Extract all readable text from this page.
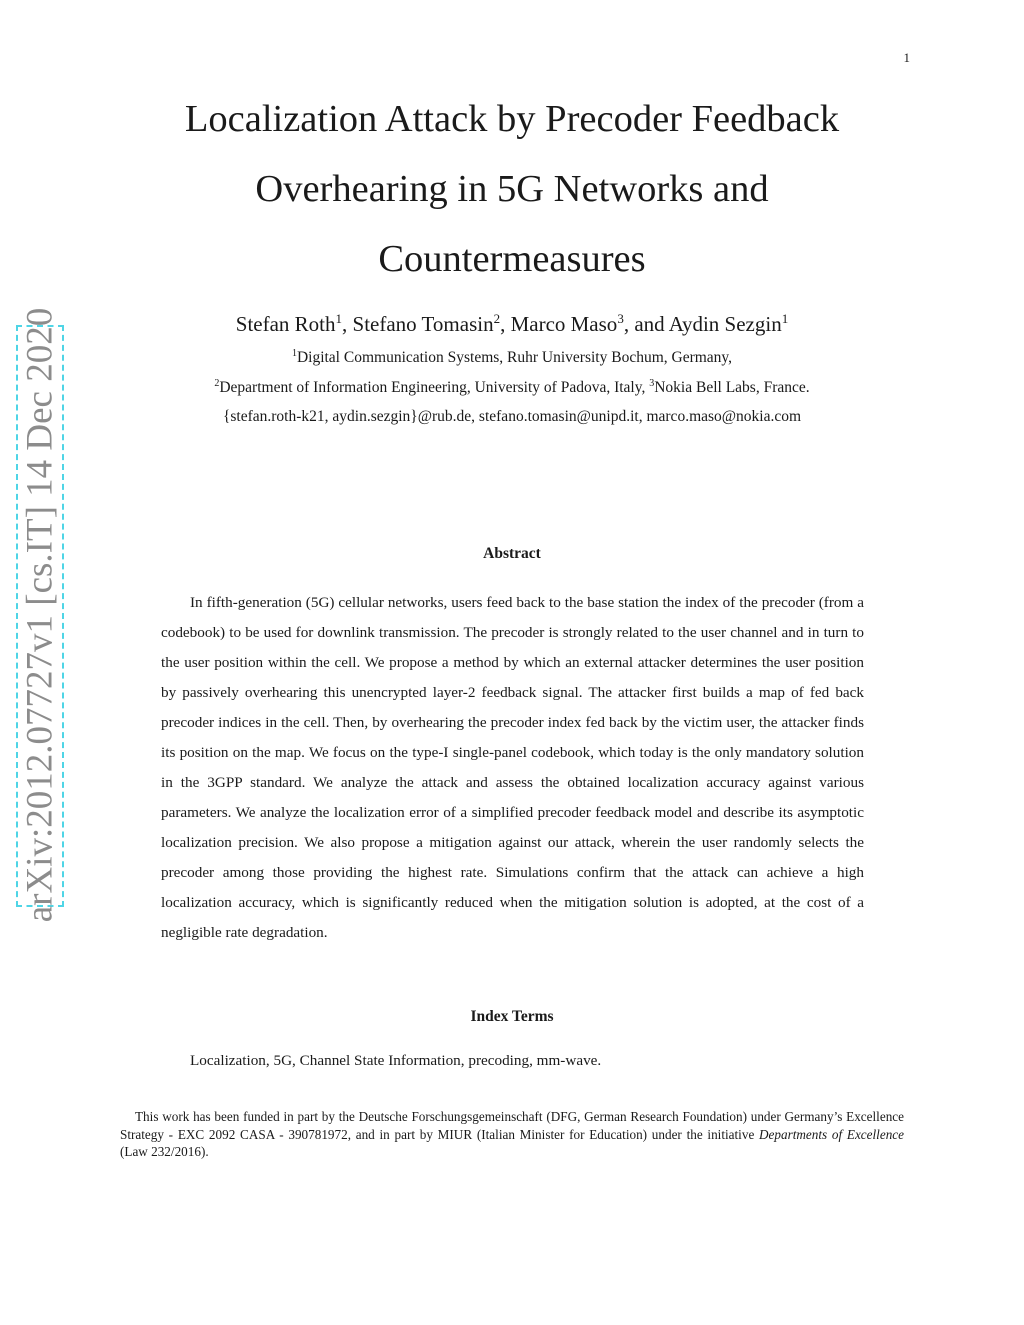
1
Localization Attack by Precoder Feedback
Overhearing in 5G Networks and
Countermeasures
Stefan Roth$^1$, Stefano Tomasin$^2$, Marco Maso$^3$, and Aydin Sezgin$^1$
$^1$Digital Communication Systems, Ruhr University Bochum, Germany,
$^2$Department of Information Engineering, University of Padova, Italy, $^3$Nokia Bell Labs, France.
{stefan.roth-k21, aydin.sezgin}@rub.de, stefano.tomasin@unipd.it, marco.maso@nokia.com
Abstract

In fifth-generation (5G) cellular networks, users feed back to the base station the index of the precoder (from a codebook) to be used for downlink transmission. The precoder is strongly related to the user channel and in turn to the user position within the cell. We propose a method by which an external attacker determines the user position by passively overhearing this unencrypted layer-2 feedback signal. The attacker first builds a map of fed back precoder indices in the cell. Then, by overhearing the precoder index fed back by the victim user, the attacker finds its position on the map. We focus on the type-I single-panel codebook, which today is the only mandatory solution in the 3GPP standard. We analyze the attack and assess the obtained localization accuracy against various parameters. We analyze the localization error of a simplified precoder feedback model and describe its asymptotic localization precision. We also propose a mitigation against our attack, wherein the user randomly selects the precoder among those providing the highest rate. Simulations confirm that the attack can achieve a high localization accuracy, which is significantly reduced when the mitigation solution is adopted, at the cost of a negligible rate degradation.

Index Terms
Localization, 5G, Channel State Information, precoding, mm-wave.

This work has been funded in part by the Deutsche Forschungsgemeinschaft (DFG, German Research Foundation) under Germany’s Excellence Strategy - EXC 2092 CASA - 390781972, and in part by MIUR (Italian Minister for Education) under the initiative Departments of Excellence (Law 232/2016).

arXiv:2012.07727v1 [cs.IT] 14 Dec 2020
